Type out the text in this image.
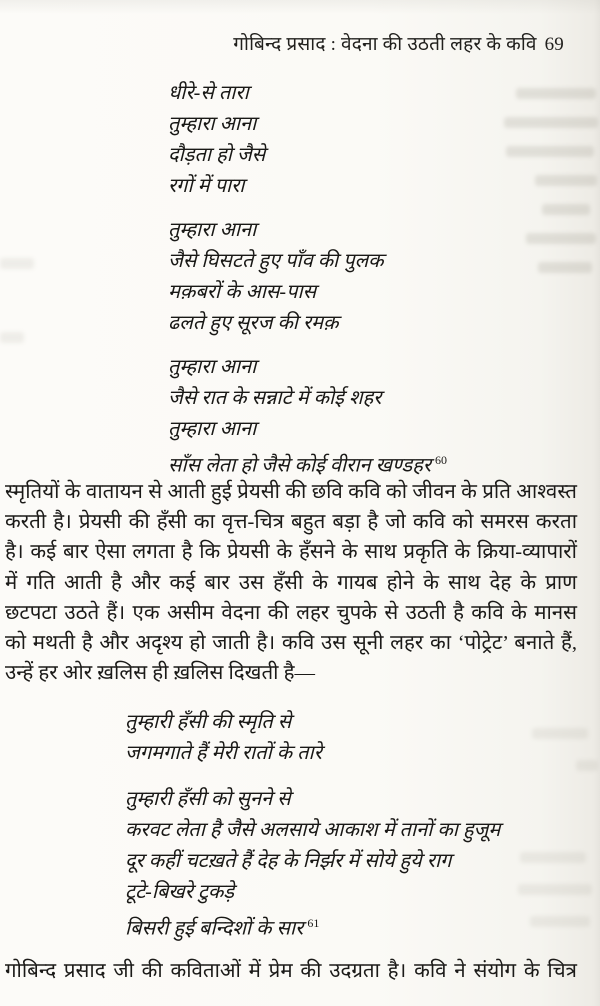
गोबिन्द प्रसाद : वेदना की उठती लहर के कवि 69
धीरे-से तारा
तुम्हारा आना
दौड़ता हो जैसे
रगों में पारा
तुम्हारा आना
जैसे घिसटते हुए पाँव की पुलक
मक़बरों के आस-पास
ढलते हुए सूरज की रमक़
तुम्हारा आना
जैसे रात के सन्नाटे में कोई शहर
तुम्हारा आना
साँस लेता हो जैसे कोई वीरान खण्डहर $^{60}$
स्मृतियों के वातायन से आती हुई प्रेयसी की छवि कवि को जीवन के प्रति आश्वस्त
करती है। प्रेयसी की हँसी का वृत्त-चित्र बहुत बड़ा है जो कवि को समरस करता
है। कई बार ऐसा लगता है कि प्रेयसी के हँसने के साथ प्रकृति के क्रिया-व्यापारों
में गति आती है और कई बार उस हँसी के गायब होने के साथ देह के प्राण
छटपटा उठते हैं। एक असीम वेदना की लहर चुपके से उठती है कवि के मानस
को मथती है और अदृश्य हो जाती है। कवि उस सूनी लहर का ‘पोट्रेट’ बनाते हैं,
उन्हें हर ओर ख़लिस ही ख़लिस दिखती है—
तुम्हारी हँसी की स्मृति से
जगमगाते हैं मेरी रातों के तारे
तुम्हारी हँसी को सुनने से
करवट लेता है जैसे अलसाये आकाश में तानों का हुजूम
दूर कहीं चटख़ते हैं देह के निर्झर में सोये हुये राग
टूटे-बिखरे टुकड़े
बिसरी हुई बन्दिशों के सार $^{61}$
गोबिन्द प्रसाद जी की कविताओं में प्रेम की उदग्रता है। कवि ने संयोग के चित्र
